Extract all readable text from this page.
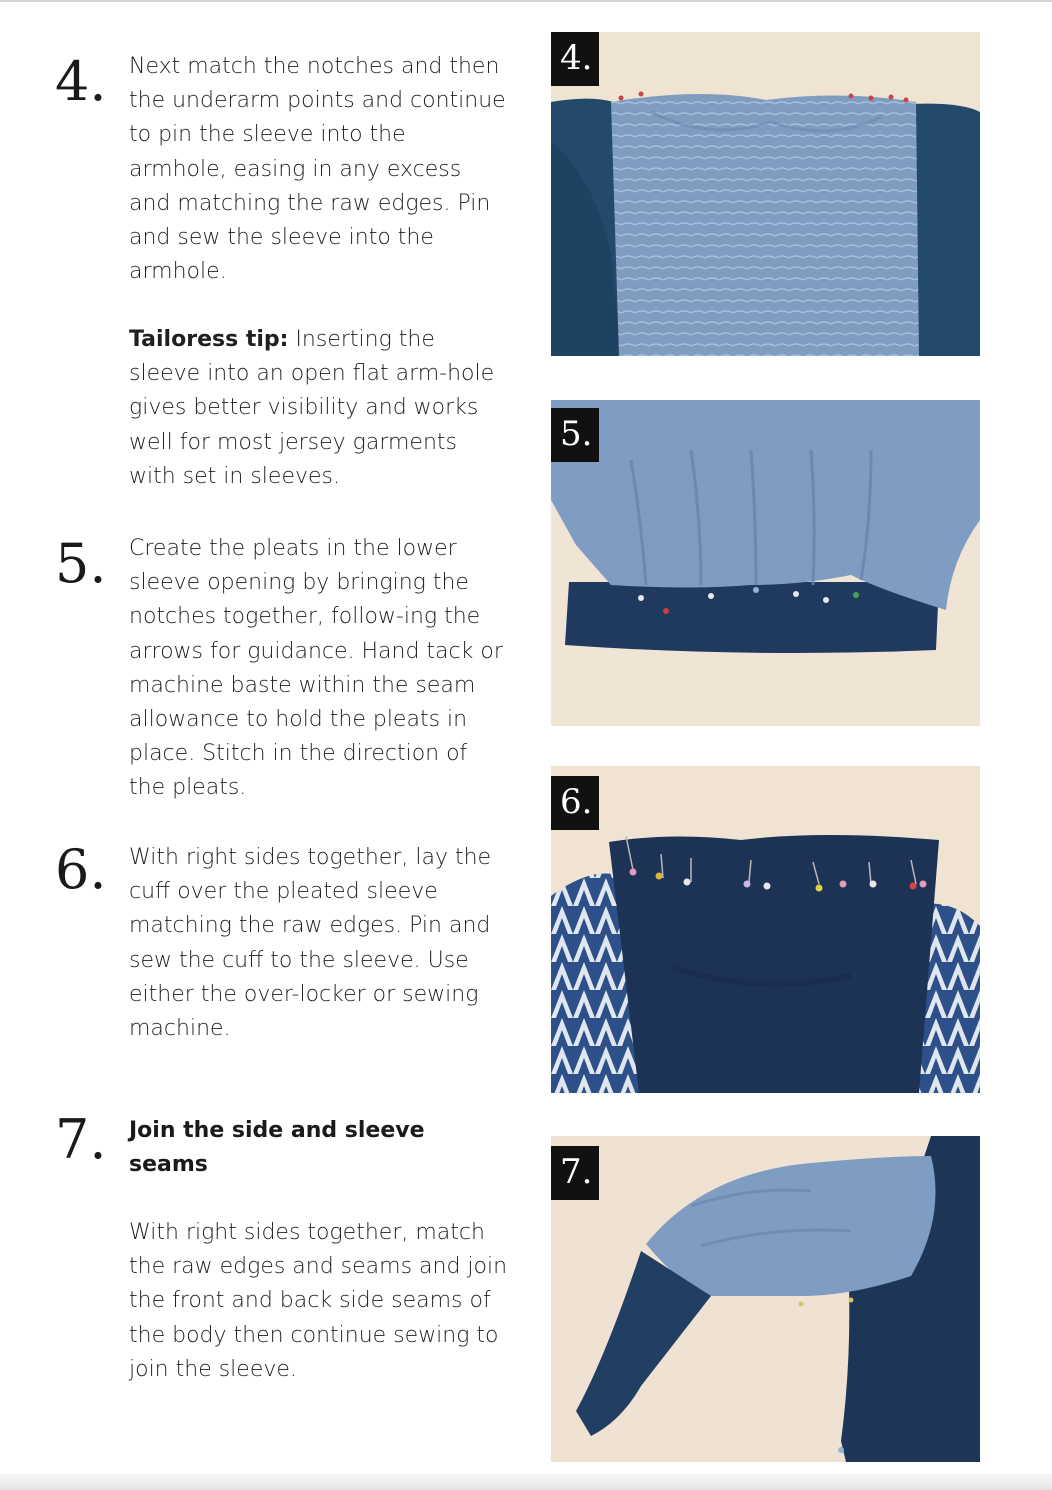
4. Next match the notches and then the underarm points and continue to pin the sleeve into the armhole, easing in any excess and matching the raw edges. Pin and sew the sleeve into the armhole.

Tailoress tip: Inserting the sleeve into an open flat arm-hole gives better visibility and works well for most jersey garments with set in sleeves.

5. Create the pleats in the lower sleeve opening by bringing the notches together, follow-ing the arrows for guidance. Hand tack or machine baste within the seam allowance to hold the pleats in place. Stitch in the direction of the pleats.

6. With right sides together, lay the cuff over the pleated sleeve matching the raw edges. Pin and sew the cuff to the sleeve. Use either the over-locker or sewing machine.

7. Join the side and sleeve seams

With right sides together, match the raw edges and seams and join the front and back side seams of the body then continue sewing to join the sleeve.

4.
5.
6.
7.
